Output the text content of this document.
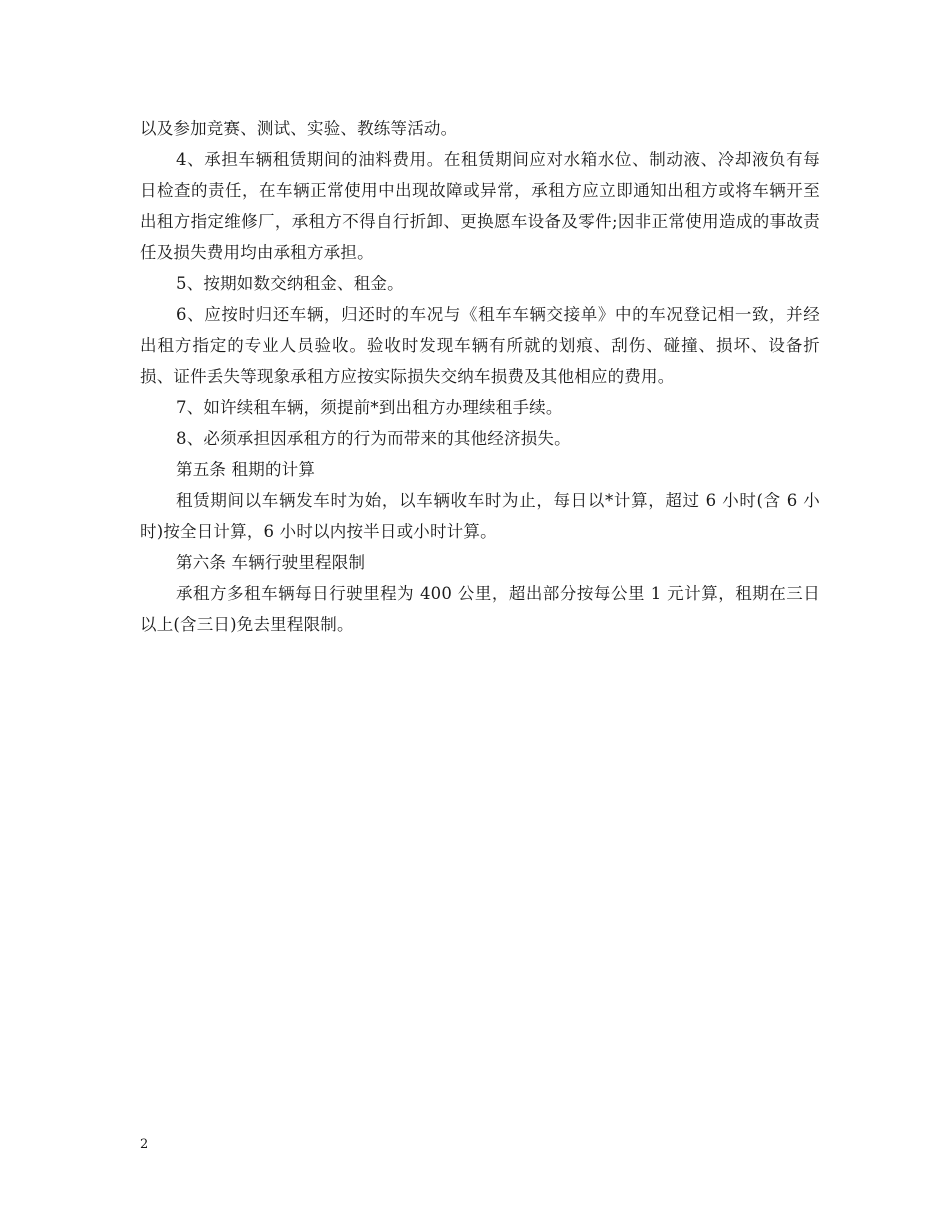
以及参加竞赛、测试、实验、教练等活动。

4、承担车辆租赁期间的油料费用。在租赁期间应对水箱水位、制动液、冷却液负有每日检查的责任，在车辆正常使用中出现故障或异常，承租方应立即通知出租方或将车辆开至出租方指定维修厂，承租方不得自行折卸、更换愿车设备及零件;因非正常使用造成的事故责任及损失费用均由承租方承担。

5、按期如数交纳租金、租金。

6、应按时归还车辆，归还时的车况与《租车车辆交接单》中的车况登记相一致，并经出租方指定的专业人员验收。验收时发现车辆有所就的划痕、刮伤、碰撞、损坏、设备折损、证件丢失等现象承租方应按实际损失交纳车损费及其他相应的费用。

7、如许续租车辆，须提前*到出租方办理续租手续。

8、必须承担因承租方的行为而带来的其他经济损失。

第五条 租期的计算

租赁期间以车辆发车时为始，以车辆收车时为止，每日以*计算，超过 6 小时(含 6 小时)按全日计算，6 小时以内按半日或小时计算。

第六条 车辆行驶里程限制

承租方多租车辆每日行驶里程为 400 公里，超出部分按每公里 1 元计算，租期在三日以上(含三日)免去里程限制。

2
